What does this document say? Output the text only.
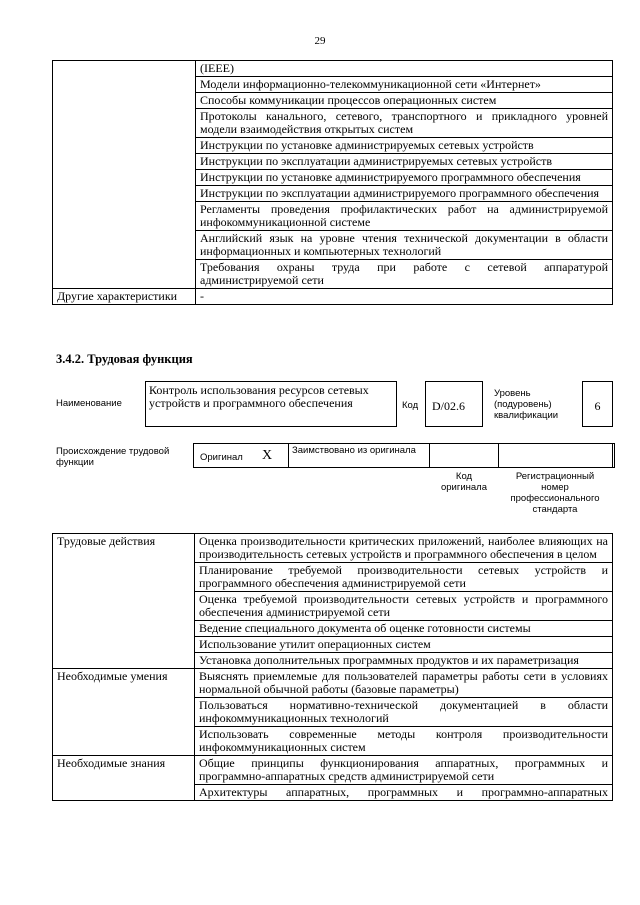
29
	(IEEE)
	Модели информационно-телекоммуникационной сети «Интернет»
	Способы коммуникации процессов операционных систем
	Протоколы канального, сетевого, транспортного и прикладного уровней модели взаимодействия открытых систем
	Инструкции по установке администрируемых сетевых устройств
	Инструкции по эксплуатации администрируемых сетевых устройств
	Инструкции по установке администрируемого программного обеспечения
	Инструкции по эксплуатации администрируемого программного обеспечения
	Регламенты проведения профилактических работ на администрируемой инфокоммуникационной системе
	Английский язык на уровне чтения технической документации в области информационных и компьютерных технологий
	Требования охраны труда при работе с сетевой аппаратурой администрируемой сети
Другие характеристики	-
3.4.2. Трудовая функция
Наименование
Контроль использования ресурсов сетевых устройств и программного обеспечения	Код	D/02.6
Уровень (подуровень) квалификации
6
Происхождение трудовой функции	Оригинал X Заимствовано из оригинала
Код оригинала
Регистрационный номер профессионального стандарта
Трудовые действия	Оценка производительности критических приложений, наиболее влияющих на производительность сетевых устройств и программного обеспечения в целом
	Планирование требуемой производительности сетевых устройств и программного обеспечения администрируемой сети
	Оценка требуемой производительности сетевых устройств и программного обеспечения администрируемой сети
	Ведение специального документа об оценке готовности системы
	Использование утилит операционных систем
	Установка дополнительных программных продуктов и их параметризация
Необходимые умения	Выяснять приемлемые для пользователей параметры работы сети в условиях нормальной обычной работы (базовые параметры)
	Пользоваться нормативно-технической документацией в области инфокоммуникационных технологий
	Использовать современные методы контроля производительности инфокоммуникационных систем
Необходимые знания	Общие принципы функционирования аппаратных, программных и программно-аппаратных средств администрируемой сети
	Архитектуры аппаратных, программных и программно-аппаратных
